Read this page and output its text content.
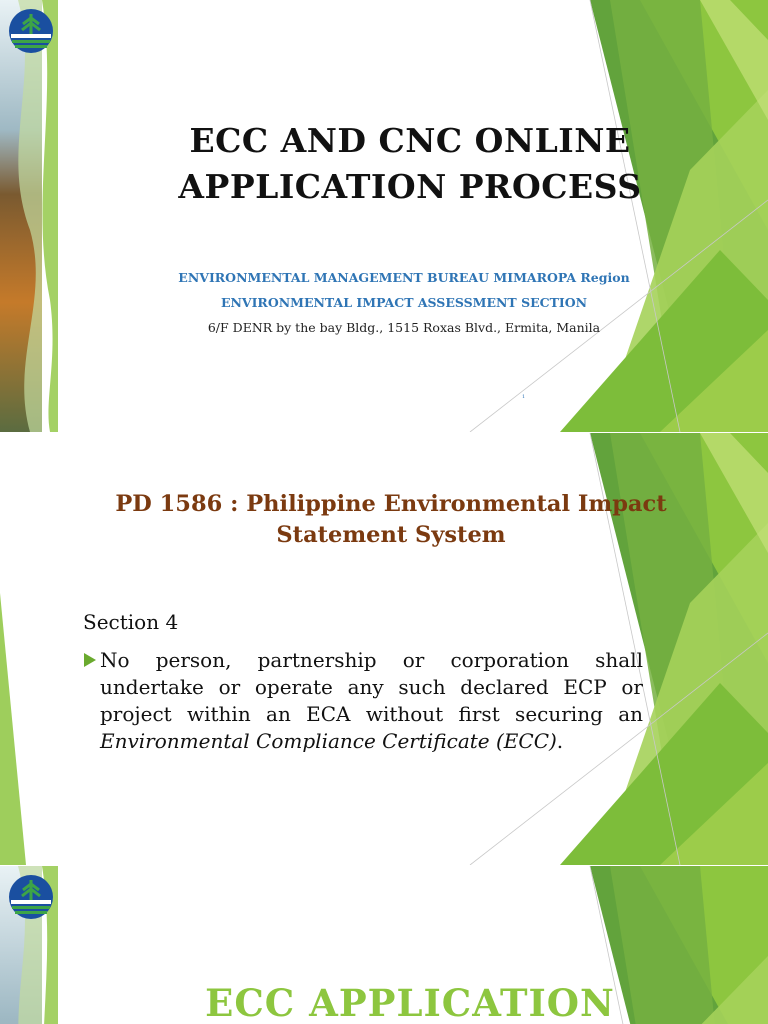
ECC AND CNC ONLINE APPLICATION PROCESS
ENVIRONMENTAL MANAGEMENT BUREAU MIMAROPA Region
ENVIRONMENTAL IMPACT ASSESSMENT SECTION
6/F DENR by the bay Bldg., 1515 Roxas Blvd., Ermita, Manila
1
PD 1586 : Philippine Environmental Impact Statement System
Section 4
No person, partnership or corporation shall undertake or operate any such declared ECP or project within an ECA without first securing an Environmental Compliance Certificate (ECC).
ECC APPLICATION
